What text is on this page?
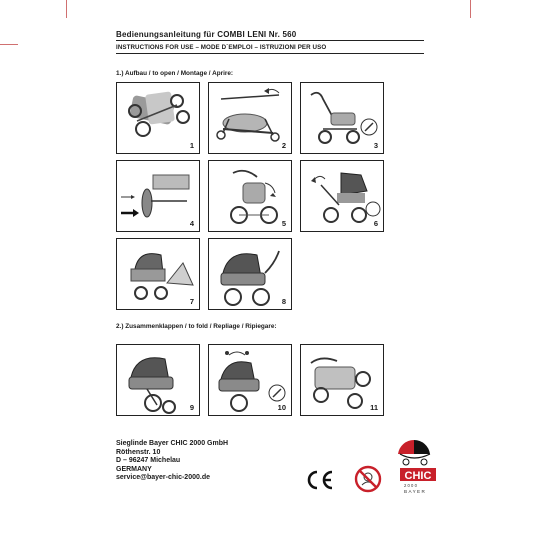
Bedienungsanleitung für COMBI LENI Nr. 560
INSTRUCTIONS FOR USE – MODE D´EMPLOI – ISTRUZIONI PER USO
1.) Aufbau / to open / Montage / Aprire:
2.) Zusammenklappen / to fold / Repliage / Ripiegare:
1	2	3
4	5	6
7	8
9	10	11
Sieglinde Bayer CHIC 2000 GmbH
Röthenstr. 10
D – 96247 Michelau
GERMANY
service@bayer-chic-2000.de	CHIC
2000
BAYER
